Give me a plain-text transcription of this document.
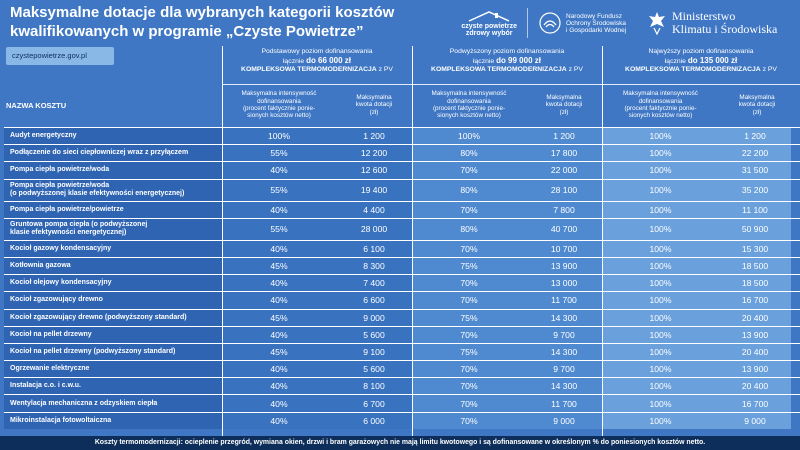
Maksymalne dotacje dla wybranych kategorii kosztów
kwalifikowanych w programie „Czyste Powietrze”	czyste powietrze
zdrowy wybór
Narodowy Fundusz
Ochrony Środowiska
i Gospodarki Wodnej
Ministerstwo
Klimatu i Środowiska
czystepowietrze.gov.pl	Podstawowy poziom dofinansowania
łącznie do 66 000 zł
KOMPLEKSOWA TERMOMODERNIZACJA z PV
Podwyższony poziom dofinansowania
łącznie do 99 000 zł
KOMPLEKSOWA TERMOMODERNIZACJA z PV
Najwyższy poziom dofinansowania
łącznie do 135 000 zł
KOMPLEKSOWA TERMOMODERNIZACJA z PV
NAZWA KOSZTU
Maksymalna intensywność
dofinansowania
(procent faktycznie ponie-
sionych kosztów netto)
Maksymalna
kwota dotacji
(zł)
Maksymalna intensywność
dofinansowania
(procent faktycznie ponie-
sionych kosztów netto)
Maksymalna
kwota dotacji
(zł)
Maksymalna intensywność
dofinansowania
(procent faktycznie ponie-
sionych kosztów netto)
Maksymalna
kwota dotacji
(zł)
Audyt energetyczny	100%	1 200	100%	1 200	100%	1 200
Podłączenie do sieci ciepłowniczej wraz z przyłączem	55%	12 200	80%	17 800	100%	22 200
Pompa ciepła powietrze/woda	40%	12 600	70%	22 000	100%	31 500
Pompa ciepła powietrze/woda
(o podwyższonej klasie efektywności energetycznej)	55%	19 400	80%	28 100	100%	35 200
Pompa ciepła powietrze/powietrze	40%	4 400	70%	7 800	100%	11 100
Gruntowa pompa ciepła (o podwyższonej
klasie efektywności energetycznej)	55%	28 000	80%	40 700	100%	50 900
Kocioł gazowy kondensacyjny	40%	6 100	70%	10 700	100%	15 300
Kotłownia gazowa	45%	8 300	75%	13 900	100%	18 500
Kocioł olejowy kondensacyjny	40%	7 400	70%	13 000	100%	18 500
Kocioł zgazowujący drewno	40%	6 600	70%	11 700	100%	16 700
Kocioł zgazowujący drewno (podwyższony standard)	45%	9 000	75%	14 300	100%	20 400
Kocioł na pellet drzewny	40%	5 600	70%	9 700	100%	13 900
Kocioł na pellet drzewny (podwyższony standard)	45%	9 100	75%	14 300	100%	20 400
Ogrzewanie elektryczne	40%	5 600	70%	9 700	100%	13 900
Instalacja c.o. i c.w.u.	40%	8 100	70%	14 300	100%	20 400
Wentylacja mechaniczna z odzyskiem ciepła	40%	6 700	70%	11 700	100%	16 700
Mikroinstalacja fotowoltaiczna	40%	6 000	70%	9 000	100%	9 000
Koszty termomodernizacji: ocieplenie przegród, wymiana okien, drzwi i bram garażowych nie mają limitu kwotowego i są dofinansowane w określonym % do poniesionych kosztów netto.
